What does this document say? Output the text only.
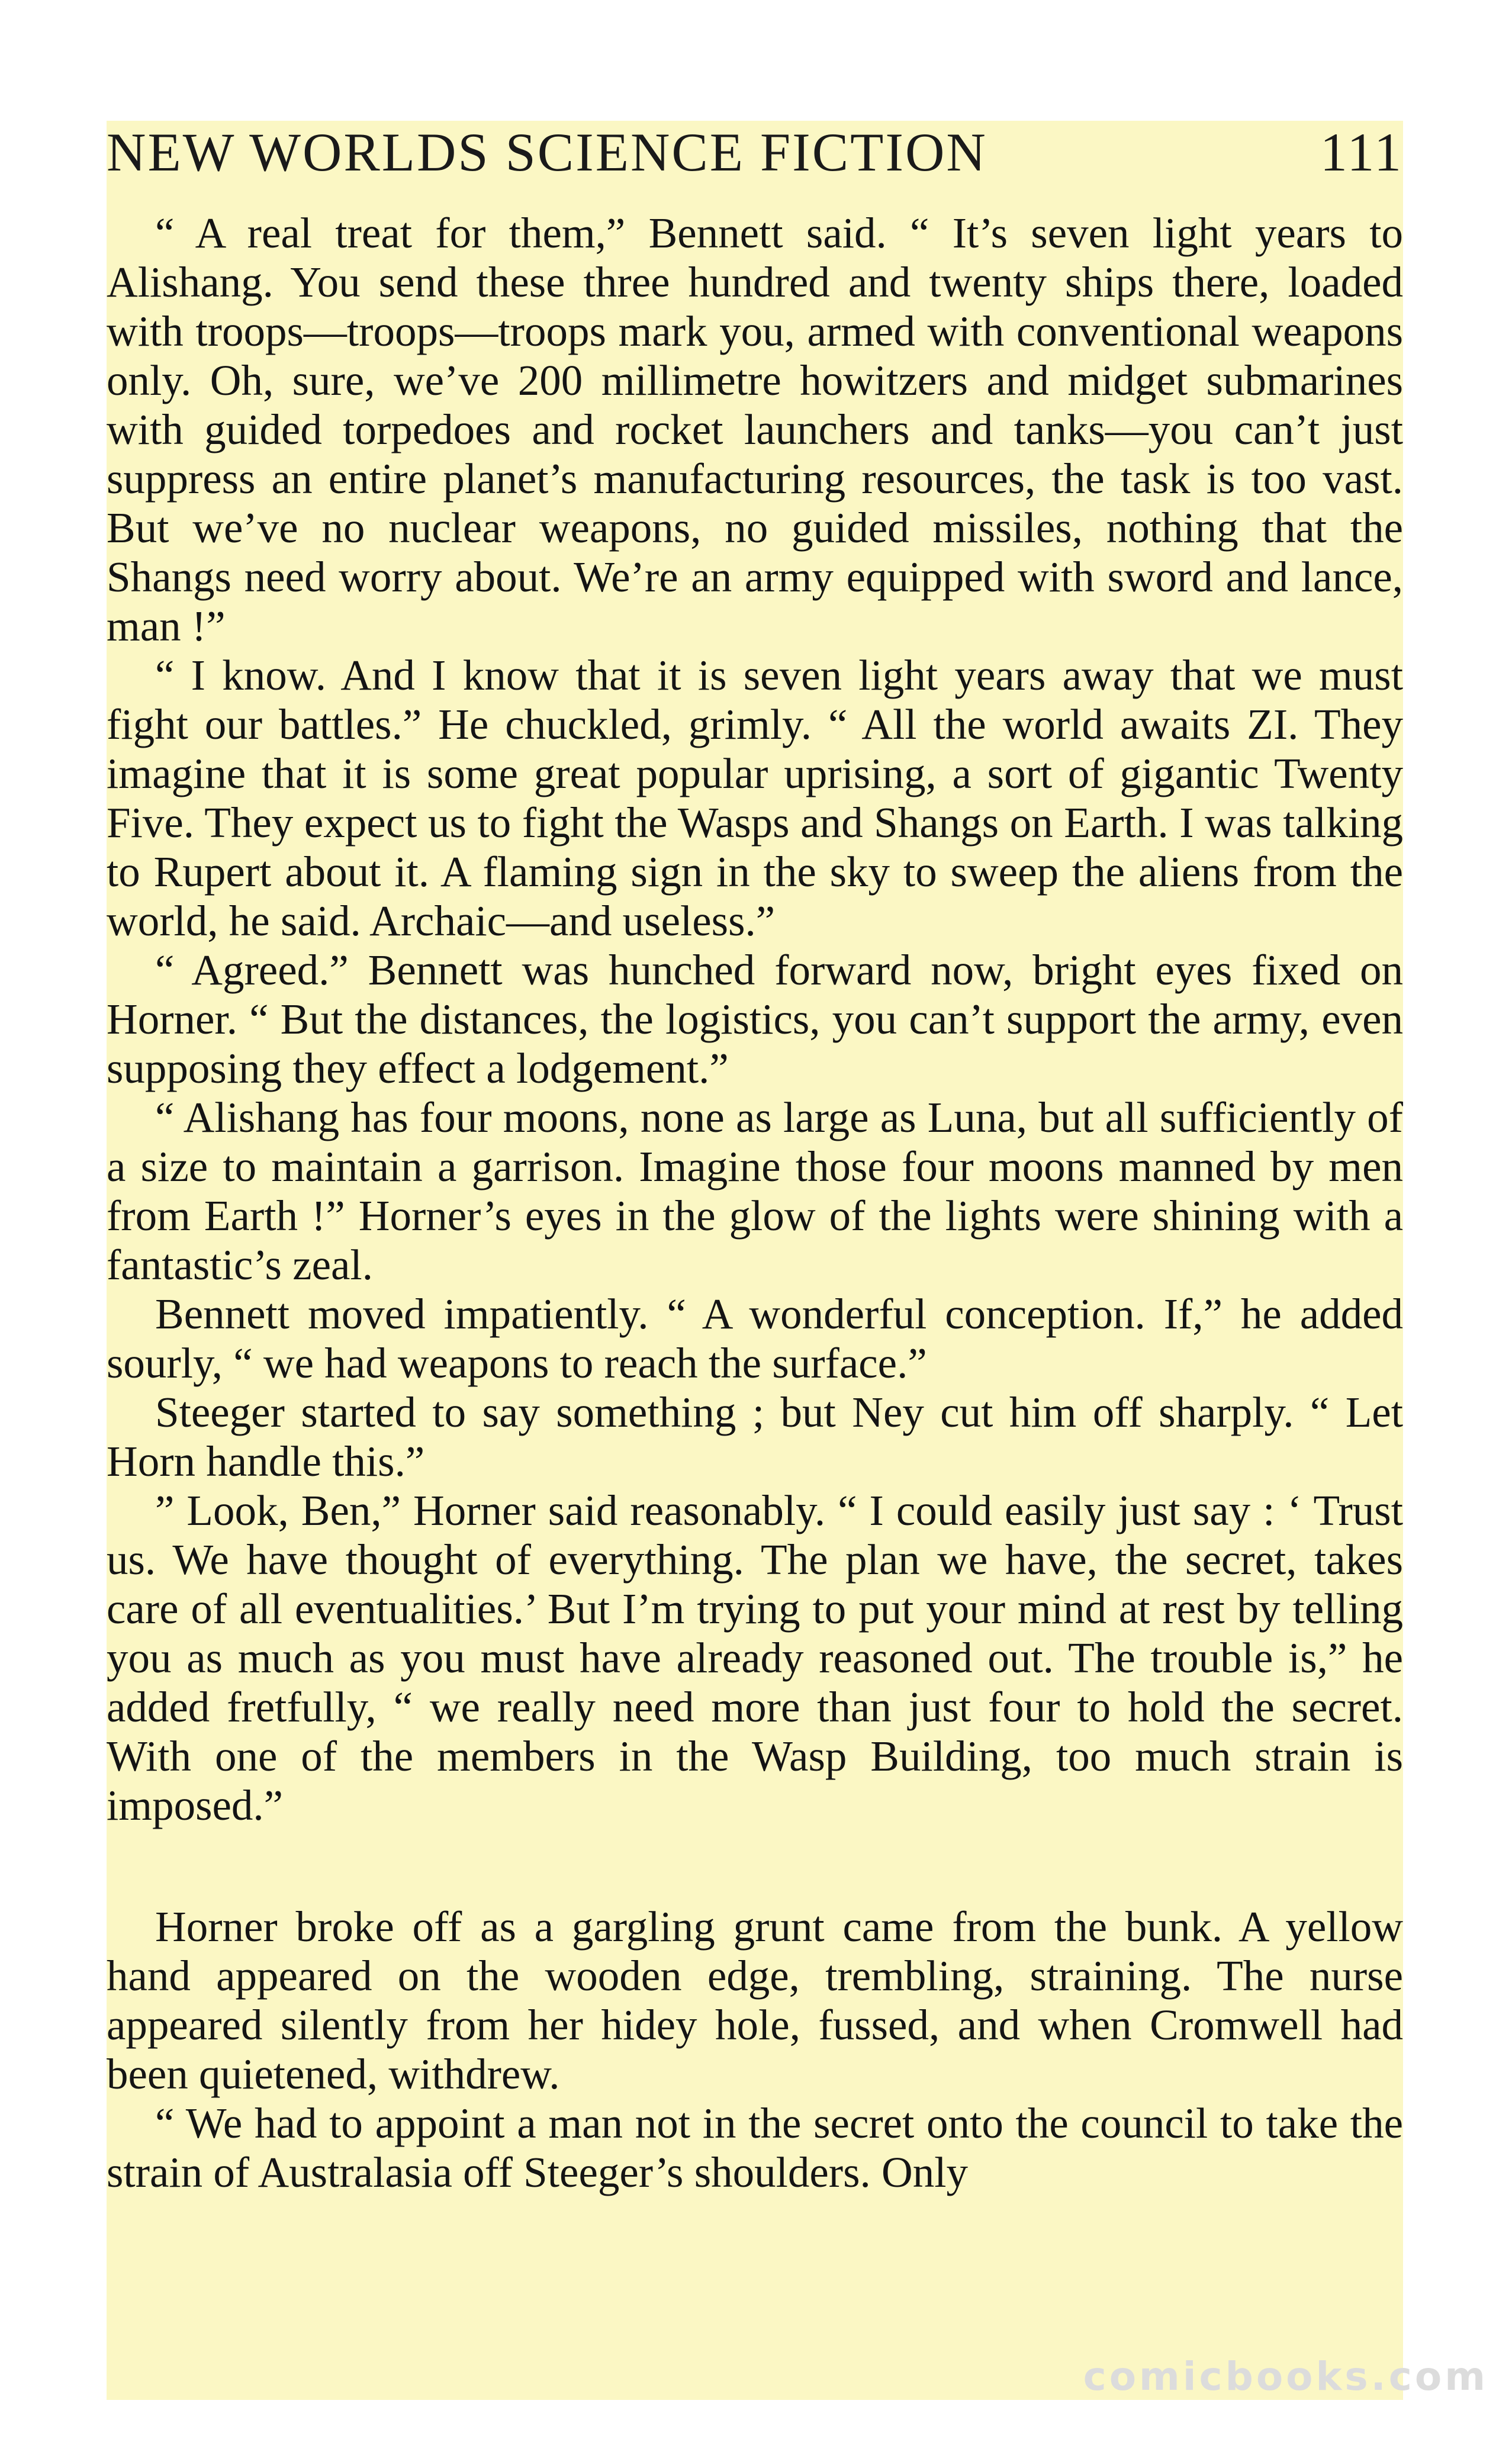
NEW WORLDS SCIENCE FICTION	111

“ A real treat for them,” Bennett said. “ It’s seven light years to Alishang. You send these three hundred and twenty ships there, loaded with troops—troops—troops mark you, armed with conventional weapons only. Oh, sure, we’ve 200 millimetre howitzers and midget submarines with guided torpedoes and rocket launchers and tanks—you can’t just suppress an entire planet’s manufacturing resources, the task is too vast. But we’ve no nuclear weapons, no guided missiles, nothing that the Shangs need worry about. We’re an army equipped with sword and lance, man !”

“ I know. And I know that it is seven light years away that we must fight our battles.” He chuckled, grimly. “ All the world awaits ZI. They imagine that it is some great popular uprising, a sort of gigantic Twenty Five. They expect us to fight the Wasps and Shangs on Earth. I was talking to Rupert about it. A flaming sign in the sky to sweep the aliens from the world, he said. Archaic—and useless.”

“ Agreed.” Bennett was hunched forward now, bright eyes fixed on Horner. “ But the distances, the logistics, you can’t support the army, even supposing they effect a lodgement.”

“ Alishang has four moons, none as large as Luna, but all sufficiently of a size to maintain a garrison. Imagine those four moons manned by men from Earth !” Horner’s eyes in the glow of the lights were shining with a fantastic’s zeal.

Bennett moved impatiently. “ A wonderful conception. If,” he added sourly, “ we had weapons to reach the surface.”

Steeger started to say something ; but Ney cut him off sharply. “ Let Horn handle this.”

” Look, Ben,” Horner said reasonably. “ I could easily just say : ‘ Trust us. We have thought of everything. The plan we have, the secret, takes care of all eventualities.’ But I’m trying to put your mind at rest by telling you as much as you must have already reasoned out. The trouble is,” he added fretfully, “ we really need more than just four to hold the secret. With one of the members in the Wasp Building, too much strain is imposed.”

Horner broke off as a gargling grunt came from the bunk. A yellow hand appeared on the wooden edge, trembling, straining. The nurse appeared silently from her hidey hole, fussed, and when Cromwell had been quietened, withdrew.

“ We had to appoint a man not in the secret onto the council to take the strain of Australasia off Steeger’s shoulders. Only

comicbooks.com
